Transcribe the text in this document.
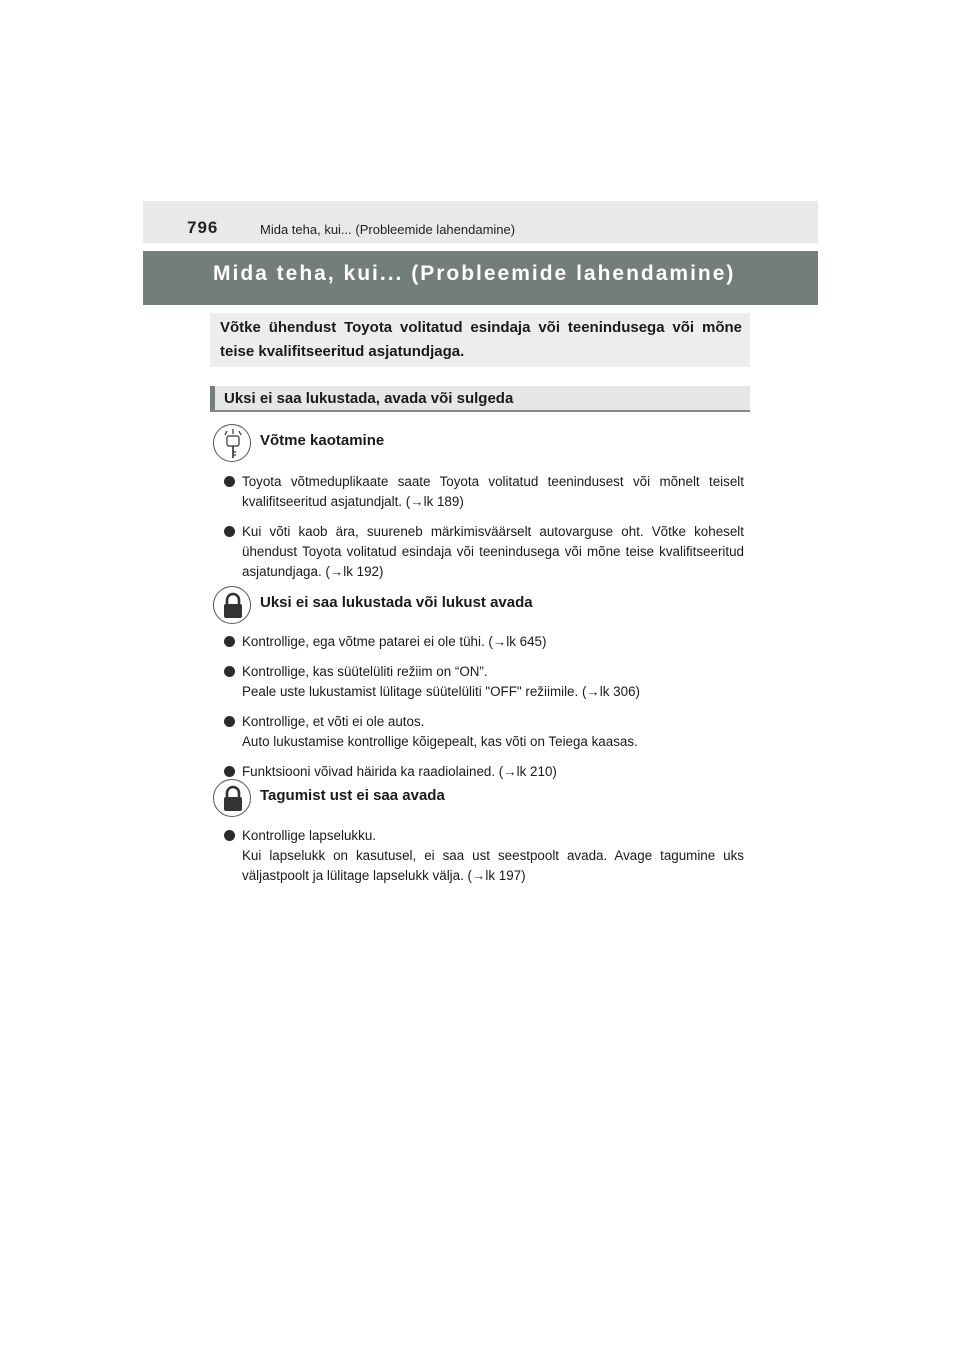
796	Mida teha, kui... (Probleemide lahendamine)
Mida teha, kui... (Probleemide lahendamine)
Võtke ühendust Toyota volitatud esindaja või teenindusega või mõne teise kvalifitseeritud asjatundjaga.
Uksi ei saa lukustada, avada või sulgeda
Võtme kaotamine
Toyota võtmeduplikaate saate Toyota volitatud teenindusest või mõnelt teiselt kvalifitseeritud asjatundjalt. (→lk 189)
Kui võti kaob ära, suureneb märkimisväärselt autovarguse oht. Võtke koheselt ühendust Toyota volitatud esindaja või teenindusega või mõne teise kvalifitseeritud asjatundjaga. (→lk 192)
Uksi ei saa lukustada või lukust avada
Kontrollige, ega võtme patarei ei ole tühi. (→lk 645)
Kontrollige, kas süütelüliti režiim on “ON”.
Peale uste lukustamist lülitage süütelüliti "OFF" režiimile. (→lk 306)
Kontrollige, et võti ei ole autos.
Auto lukustamise kontrollige kõigepealt, kas võti on Teiega kaasas.
Funktsiooni võivad häirida ka raadiolained. (→lk 210)
Tagumist ust ei saa avada
Kontrollige lapselukku.
Kui lapselukk on kasutusel, ei saa ust seestpoolt avada. Avage tagumine uks väljastpoolt ja lülitage lapselukk välja. (→lk 197)
